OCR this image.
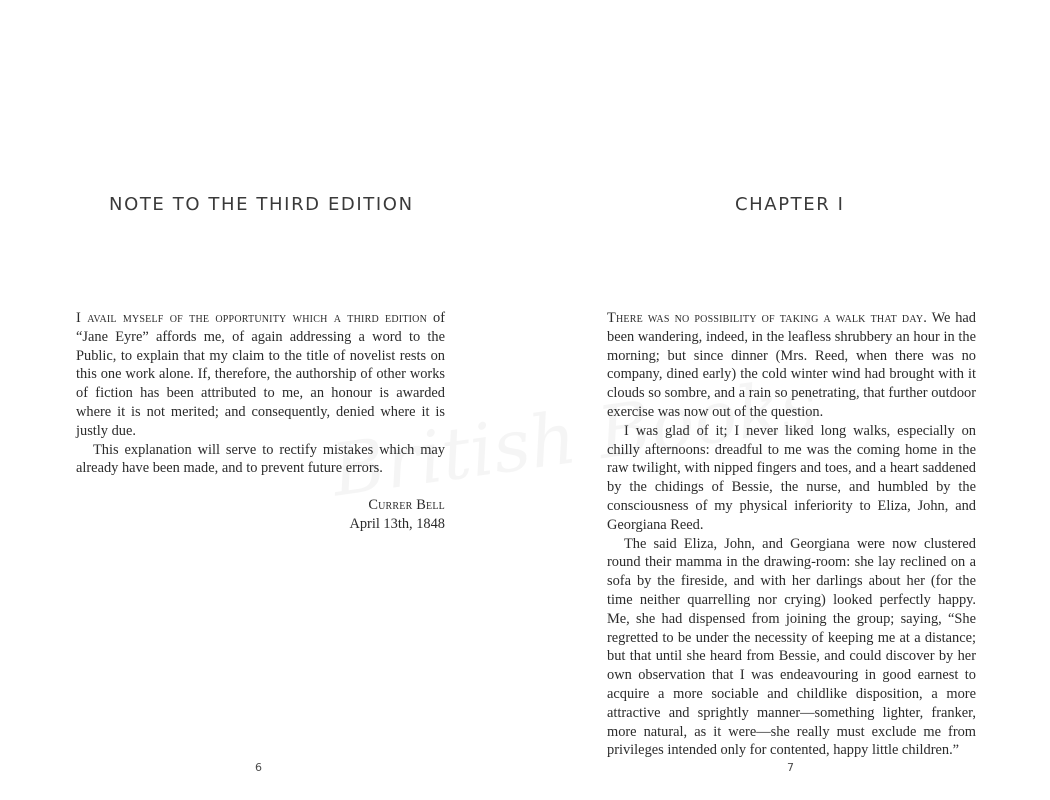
NOTE TO THE THIRD EDITION

I avail myself of the opportunity which a third edition of “Jane Eyre” affords me, of again addressing a word to the Public, to explain that my claim to the title of novelist rests on this one work alone. If, therefore, the authorship of other works of fiction has been attributed to me, an honour is awarded where it is not merited; and consequently, denied where it is justly due.

This explanation will serve to rectify mistakes which may already have been made, and to prevent future errors.

Currer Bell
April 13th, 1848
6
CHAPTER I

There was no possibility of taking a walk that day. We had been wandering, indeed, in the leafless shrubbery an hour in the morning; but since dinner (Mrs. Reed, when there was no company, dined early) the cold winter wind had brought with it clouds so sombre, and a rain so penetrating, that further outdoor exercise was now out of the question.

I was glad of it; I never liked long walks, especially on chilly afternoons: dreadful to me was the coming home in the raw twilight, with nipped fingers and toes, and a heart saddened by the chidings of Bessie, the nurse, and humbled by the consciousness of my physical inferiority to Eliza, John, and Georgiana Reed.

The said Eliza, John, and Georgiana were now clustered round their mamma in the drawing-room: she lay reclined on a sofa by the fireside, and with her darlings about her (for the time neither quarrelling nor crying) looked perfectly happy. Me, she had dispensed from joining the group; saying, “She regretted to be under the necessity of keeping me at a distance; but that until she heard from Bessie, and could discover by her own observation that I was endeavouring in good earnest to acquire a more sociable and childlike disposition, a more attractive and sprightly manner—something lighter, franker, more natural, as it were—she really must exclude me from privileges intended only for contented, happy little children.”

7
